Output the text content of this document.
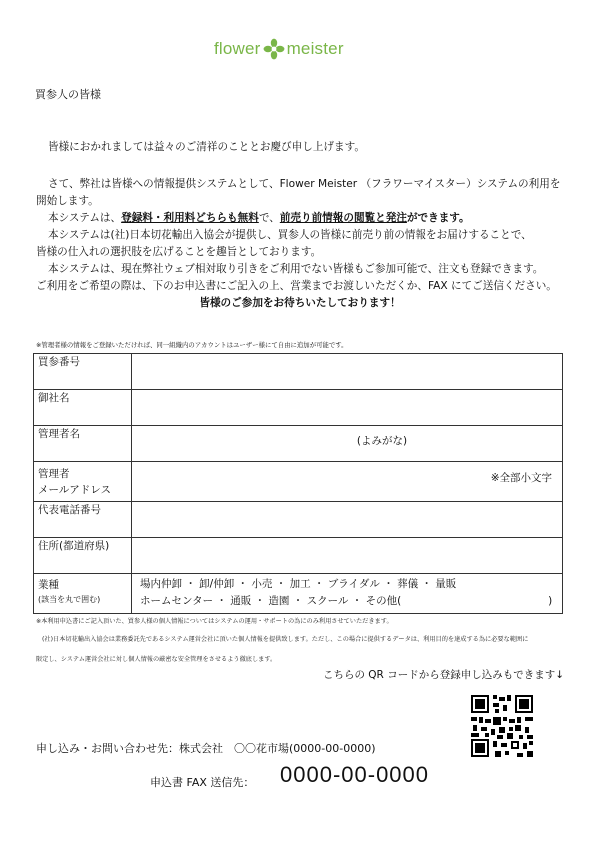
flower meister
買参人の皆様
皆様におかれましては益々のご清祥のこととお慶び申し上げます。
さて、弊社は皆様への情報提供システムとして、Flower Meister （フラワーマイスター）システムの利用を
開始します。
本システムは、登録料・利用料どちらも無料で、前売り前情報の閲覧と発注ができます。
本システムは(社)日本切花輸出入協会が提供し、買参人の皆様に前売り前の情報をお届けすることで、
皆様の仕入れの選択肢を広げることを趣旨としております。
本システムは、現在弊社ウェブ相対取り引きをご利用でない皆様もご参加可能で、注文も登録できます。
ご利用をご希望の際は、下のお申込書にご記入の上、営業までお渡しいただくか、FAX にてご送信ください。
皆様のご参加をお待ちいたしております！
※管理者様の情報をご登録いただければ、同一組織内のアカウントはユーザー様にて自由に追加が可能です。
買参番号	
御社名	
管理者名	(よみがな)

管理者
メールアドレス	※全部小文字

代表電話番号	
住所(都道府県)	

業種
(該当を丸で囲む)	場内仲卸 ・ 卸/仲卸 ・ 小売 ・ 加工 ・ ブライダル ・ 葬儀 ・ 量販
ホームセンター ・ 通販 ・ 造園 ・ スクール ・ その他(　　　　　　　　　　　　　　)
※本利用申込書にご記入頂いた、買参人様の個人情報についてはシステムの運用・サポートの為にのみ利用させていただきます。
(社)日本切花輸出入協会は業務委託先であるシステム運営会社に頂いた個人情報を提供致します。ただし、この場合に提供するデータは、利用目的を達成する為に必要な範囲に
限定し、システム運営会社に対し個人情報の厳密な安全管理をさせるよう徹底します。
こちらの QR コードから登録申し込みもできます↓
申し込み・お問い合わせ先：株式会社　〇〇花市場(0000-00-0000)
申込書 FAX 送信先： 0000-00-0000
